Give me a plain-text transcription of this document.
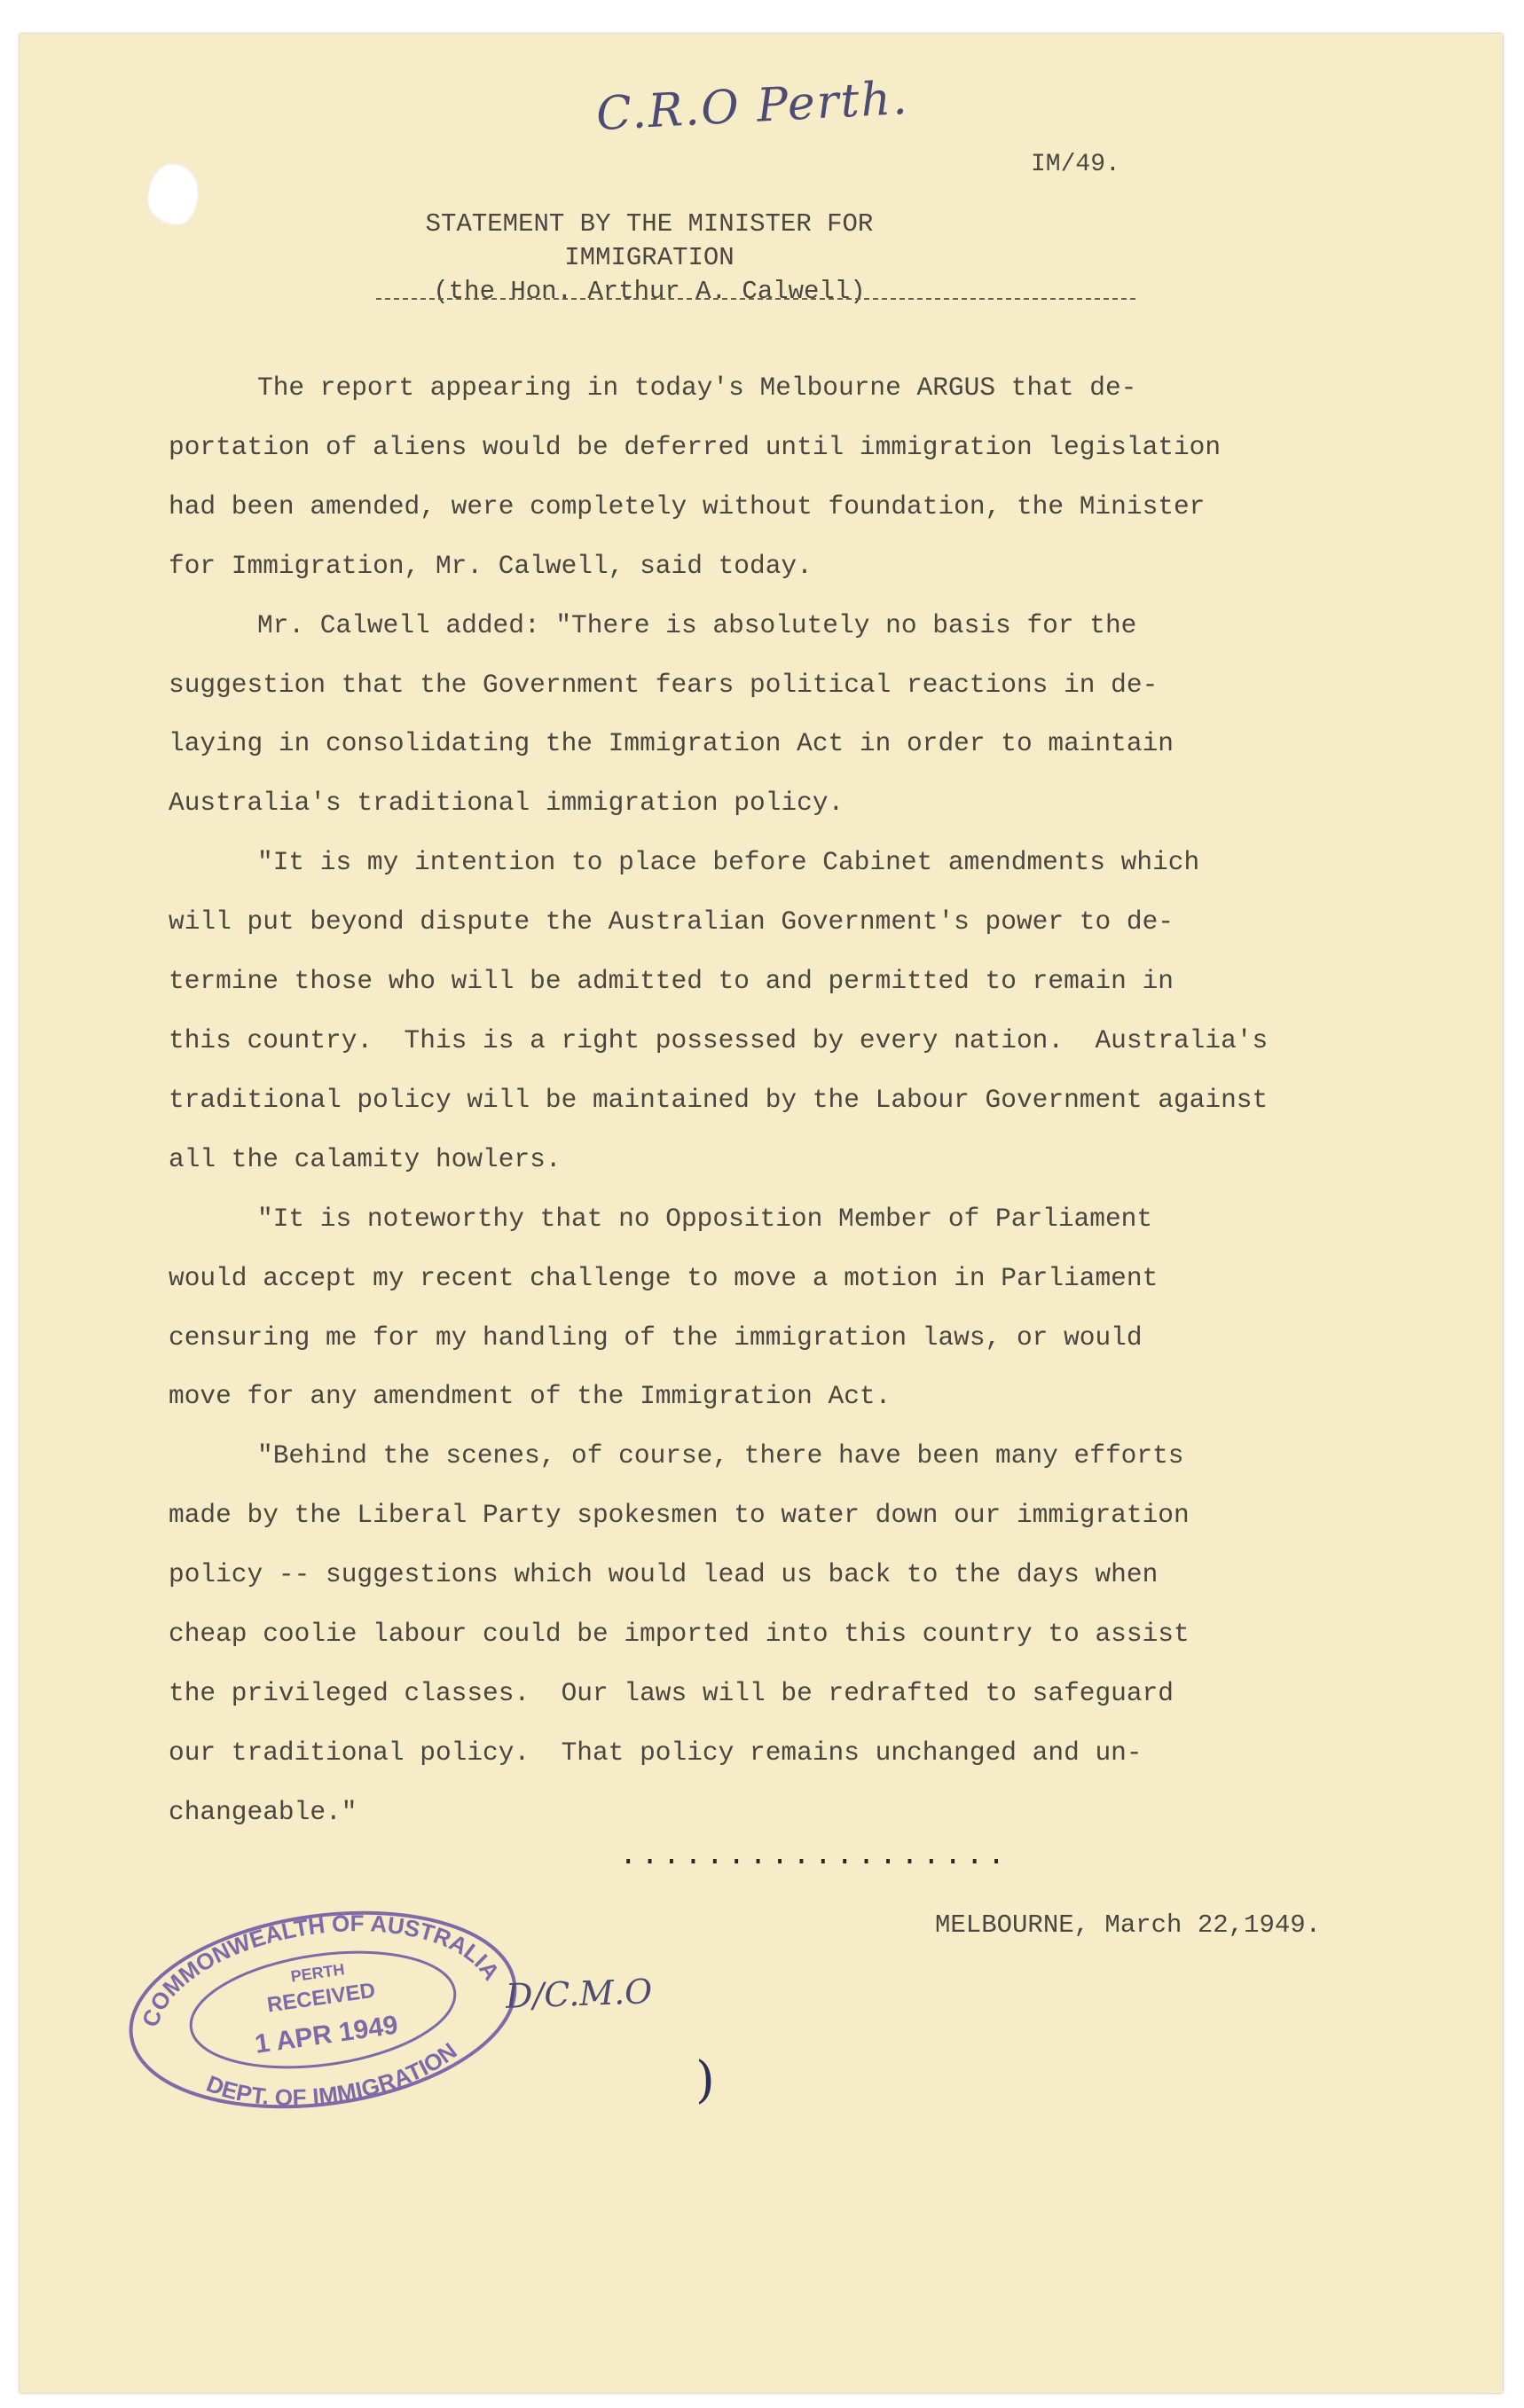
C.R.O Perth.
IM/49.
STATEMENT BY THE MINISTER FOR IMMIGRATION
(the Hon. Arthur A. Calwell)

The report appearing in today's Melbourne ARGUS that de-
portation of aliens would be deferred until immigration legislation
had been amended, were completely without foundation, the Minister
for Immigration, Mr. Calwell, said today.

Mr. Calwell added: "There is absolutely no basis for the
suggestion that the Government fears political reactions in de-
laying in consolidating the Immigration Act in order to maintain
Australia's traditional immigration policy.

"It is my intention to place before Cabinet amendments which
will put beyond dispute the Australian Government's power to de-
termine those who will be admitted to and permitted to remain in
this country.  This is a right possessed by every nation.  Australia's
traditional policy will be maintained by the Labour Government against
all the calamity howlers.

"It is noteworthy that no Opposition Member of Parliament
would accept my recent challenge to move a motion in Parliament
censuring me for my handling of the immigration laws, or would
move for any amendment of the Immigration Act.

"Behind the scenes, of course, there have been many efforts
made by the Liberal Party spokesmen to water down our immigration
policy -- suggestions which would lead us back to the days when
cheap coolie labour could be imported into this country to assist
the privileged classes.  Our laws will be redrafted to safeguard
our traditional policy.  That policy remains unchanged and un-
changeable."

..................
MELBOURNE, March 22,1949.
COMMONWEALTH OF AUSTRALIA
DEPT. OF IMMIGRATION
PERTH
RECEIVED
1 APR 1949
D/C.M.O
)
